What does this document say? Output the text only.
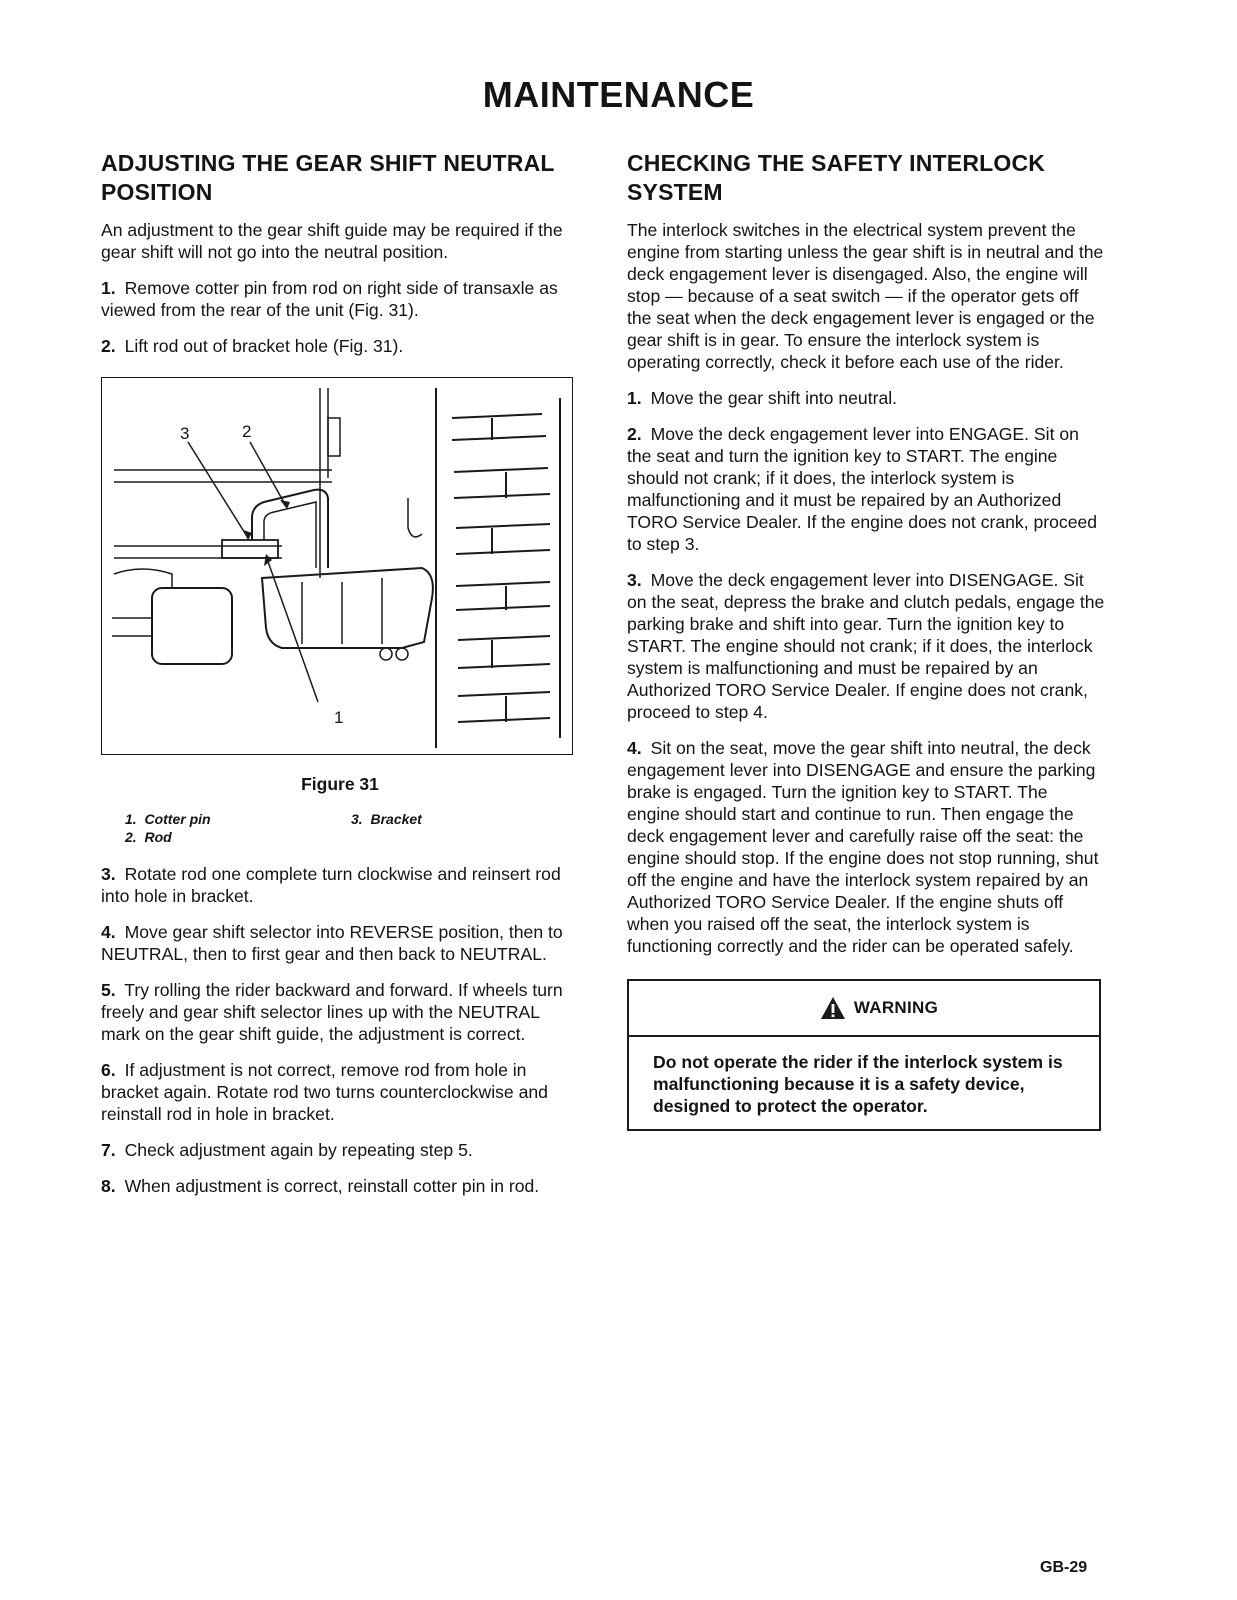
MAINTENANCE
ADJUSTING THE GEAR SHIFT NEUTRAL POSITION

An adjustment to the gear shift guide may be required if the gear shift will not go into the neutral position.

1. Remove cotter pin from rod on right side of transaxle as viewed from the rear of the unit (Fig. 31).

2. Lift rod out of bracket hole (Fig. 31).

3	2
1
Figure 31
1. Cotter pin
2. Rod
3. Bracket

3. Rotate rod one complete turn clockwise and reinsert rod into hole in bracket.

4. Move gear shift selector into REVERSE position, then to NEUTRAL, then to first gear and then back to NEUTRAL.

5. Try rolling the rider backward and forward. If wheels turn freely and gear shift selector lines up with the NEUTRAL mark on the gear shift guide, the adjustment is correct.

6. If adjustment is not correct, remove rod from hole in bracket again. Rotate rod two turns counterclockwise and reinstall rod in hole in bracket.

7. Check adjustment again by repeating step 5.

8. When adjustment is correct, reinstall cotter pin in rod.

CHECKING THE SAFETY INTERLOCK SYSTEM

The interlock switches in the electrical system prevent the engine from starting unless the gear shift is in neutral and the deck engagement lever is disengaged. Also, the engine will stop — because of a seat switch — if the operator gets off the seat when the deck engagement lever is engaged or the gear shift is in gear. To ensure the interlock system is operating correctly, check it before each use of the rider.

1. Move the gear shift into neutral.

2. Move the deck engagement lever into ENGAGE. Sit on the seat and turn the ignition key to START. The engine should not crank; if it does, the interlock system is malfunctioning and it must be repaired by an Authorized TORO Service Dealer. If the engine does not crank, proceed to step 3.

3. Move the deck engagement lever into DISENGAGE. Sit on the seat, depress the brake and clutch pedals, engage the parking brake and shift into gear. Turn the ignition key to START. The engine should not crank; if it does, the interlock system is malfunctioning and must be repaired by an Authorized TORO Service Dealer. If engine does not crank, proceed to step 4.

4. Sit on the seat, move the gear shift into neutral, the deck engagement lever into DISENGAGE and ensure the parking brake is engaged. Turn the ignition key to START. The engine should start and continue to run. Then engage the deck engagement lever and carefully raise off the seat: the engine should stop. If the engine does not stop running, shut off the engine and have the interlock system repaired by an Authorized TORO Service Dealer. If the engine shuts off when you raised off the seat, the interlock system is functioning correctly and the rider can be operated safely.

WARNING
Do not operate the rider if the interlock system is malfunctioning because it is a safety device, designed to protect the operator.
GB-29
